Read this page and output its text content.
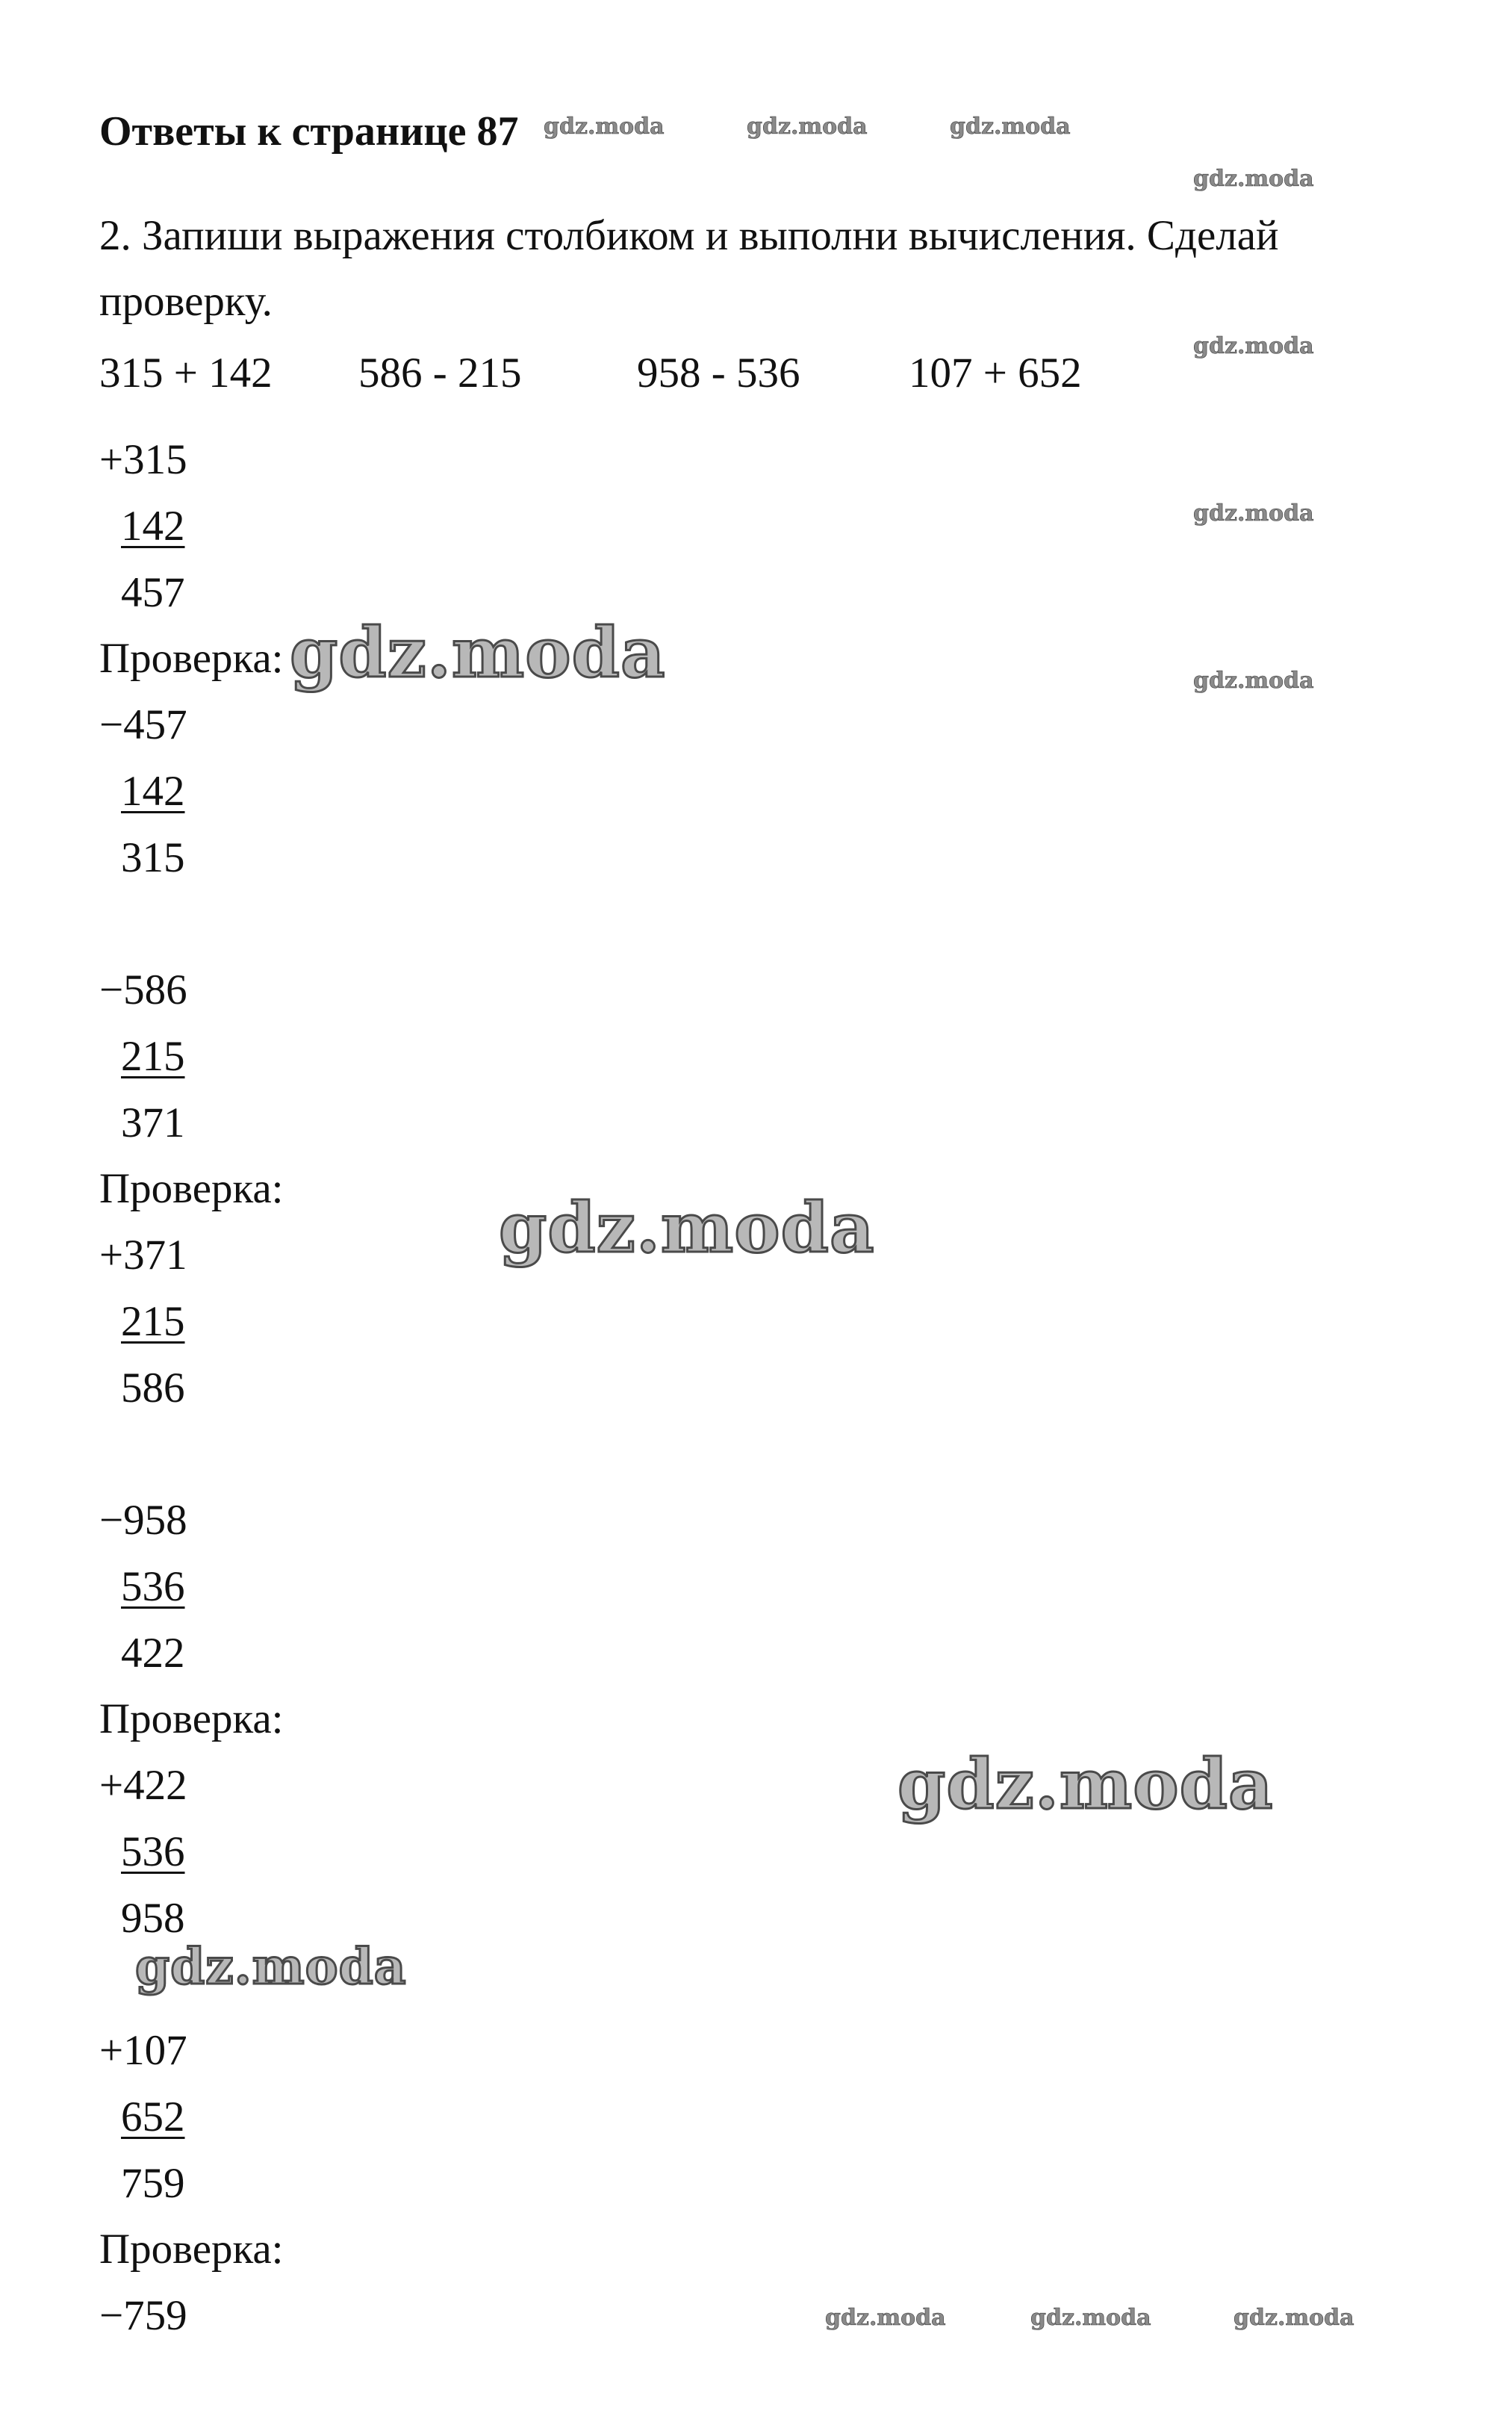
Ответы к странице 87
2. Запиши выражения столбиком и выполни вычисления. Сделай проверку.
315 + 142 586 - 215	958 - 536	107 + 652
+315
142
457
Проверка:
−457
142
315
−586
215
371
Проверка:
+371
215
586
−958
536
422
Проверка:
+422
536
958
+107
652
759
Проверка:
−759
gdz.moda	gdz.moda	gdz.moda
gdz.moda
gdz.moda
gdz.moda
gdz.moda
gdz.moda	gdz.moda	gdz.moda
gdz.moda
gdz.moda
gdz.moda
gdz.moda
